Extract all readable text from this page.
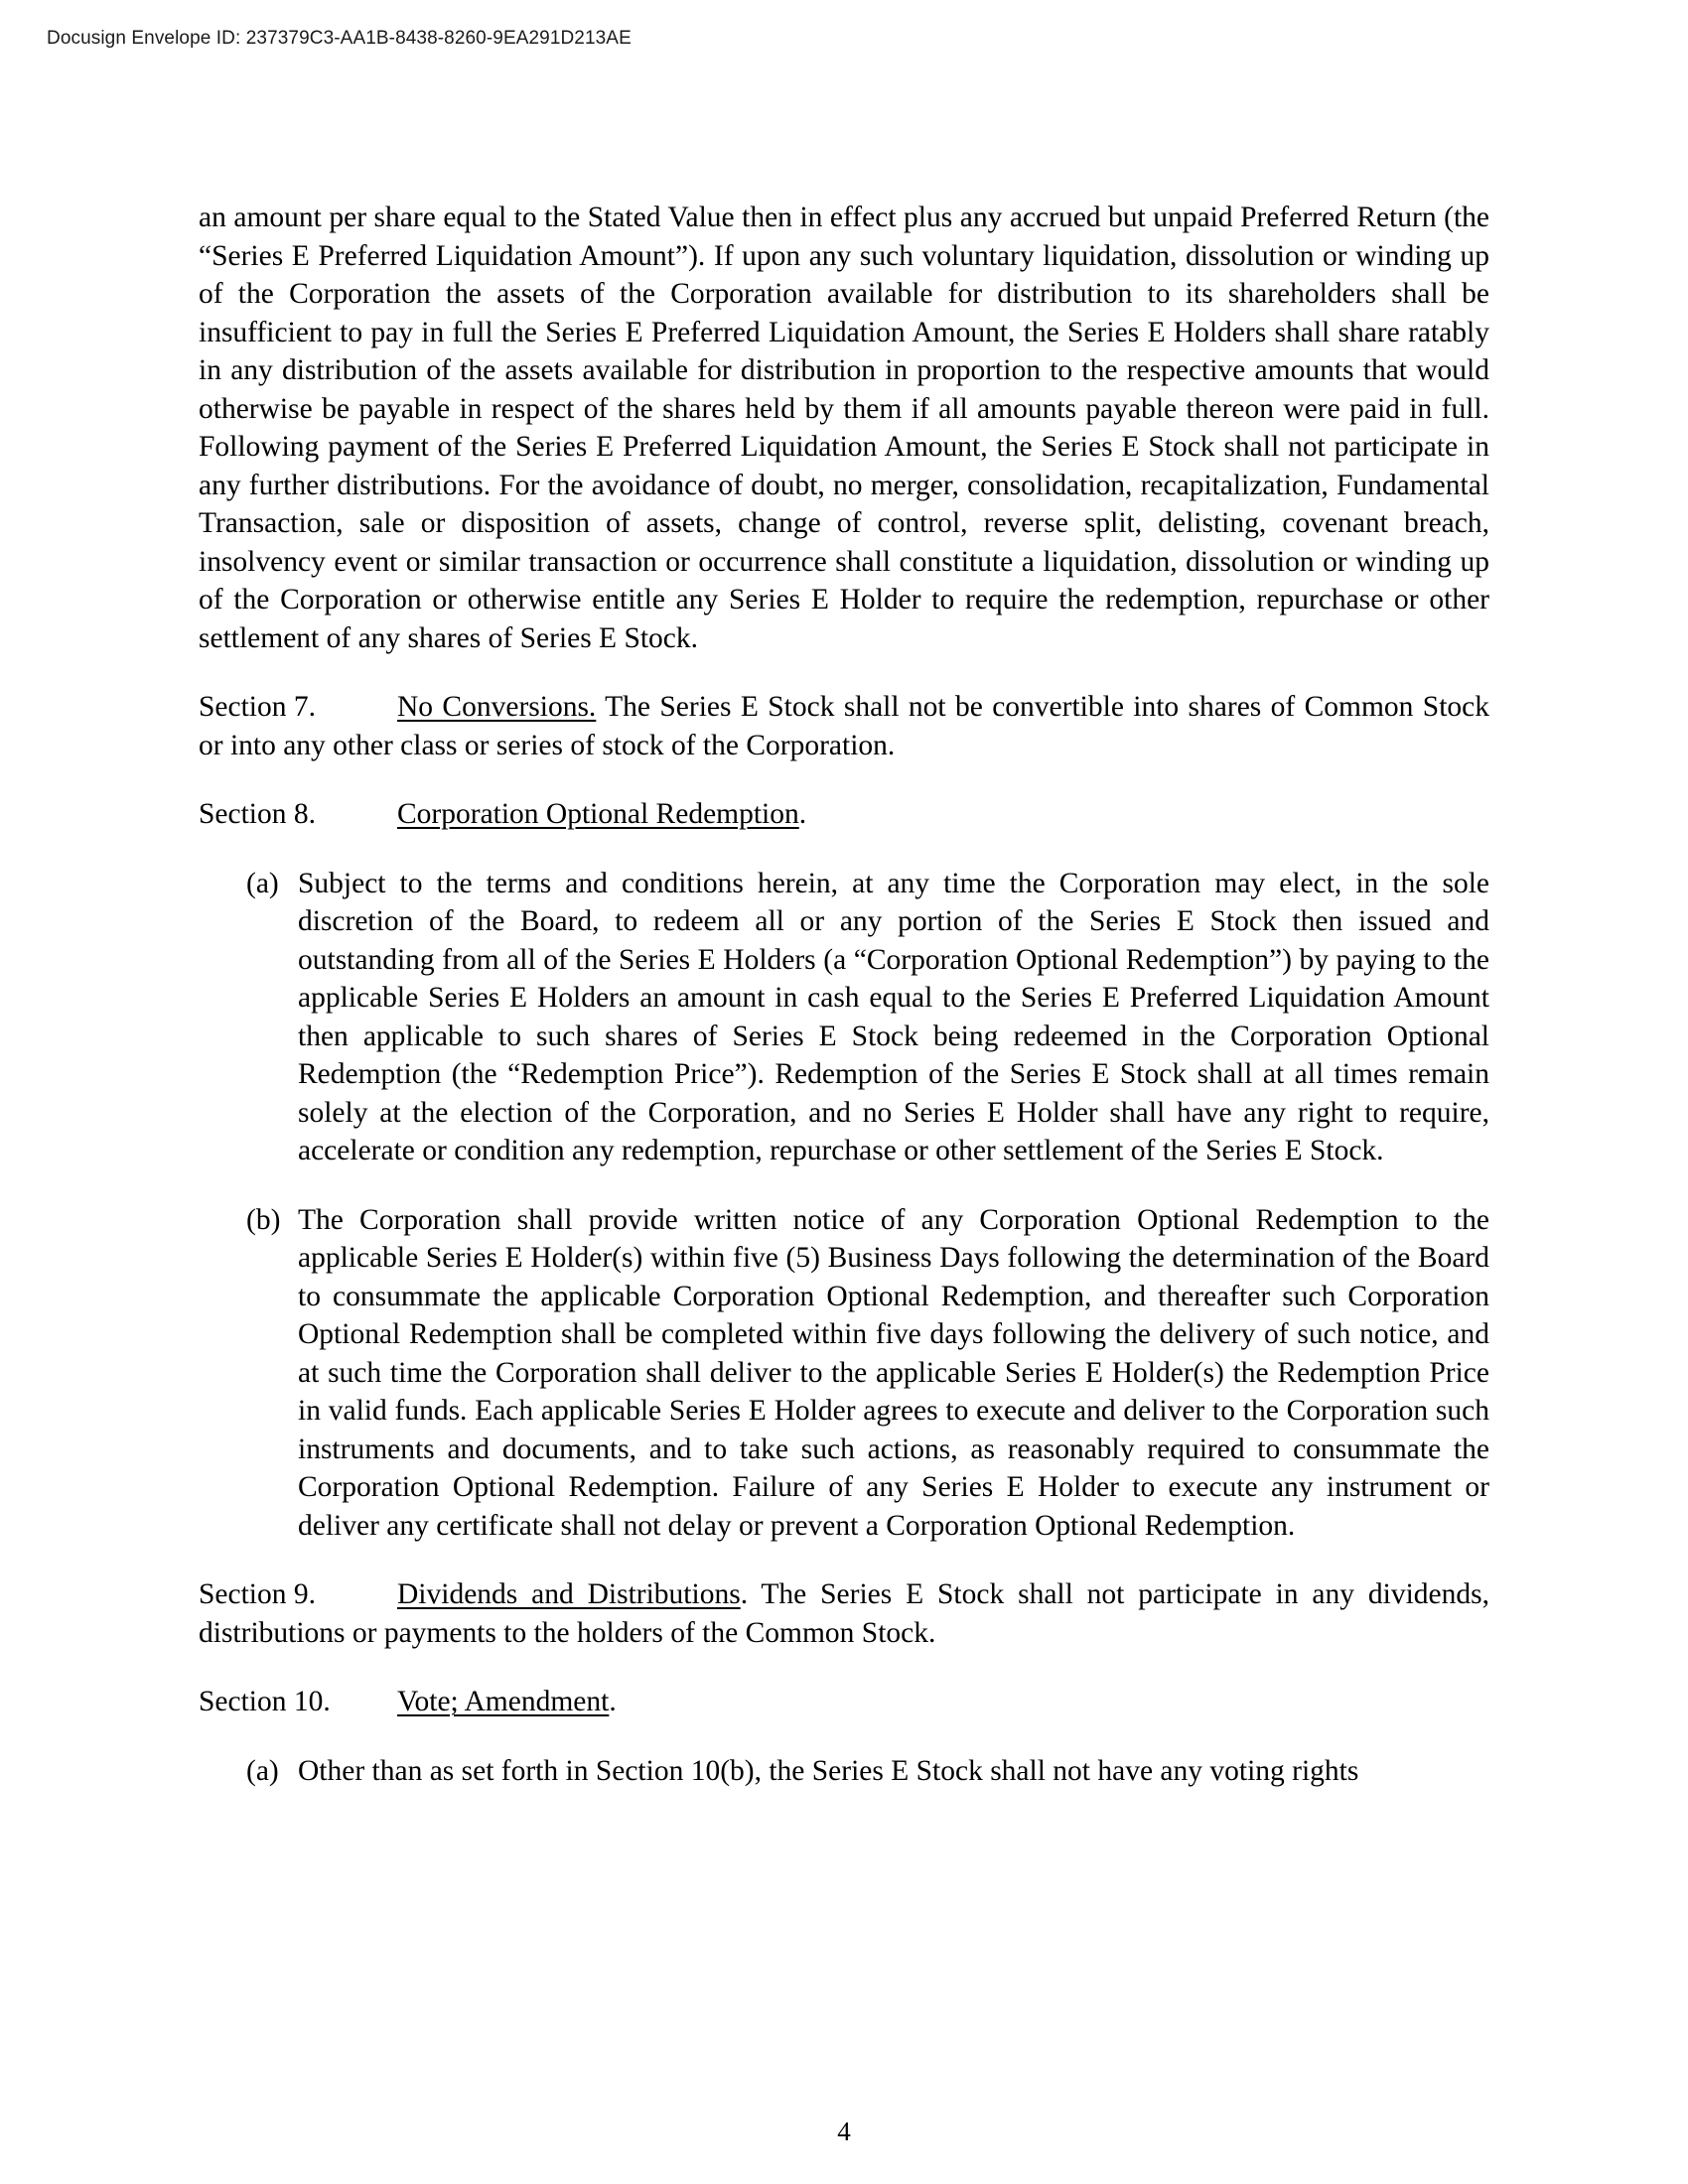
Docusign Envelope ID: 237379C3-AA1B-8438-8260-9EA291D213AE

an amount per share equal to the Stated Value then in effect plus any accrued but unpaid Preferred Return (the “Series E Preferred Liquidation Amount”). If upon any such voluntary liquidation, dissolution or winding up of the Corporation the assets of the Corporation available for distribution to its shareholders shall be insufficient to pay in full the Series E Preferred Liquidation Amount, the Series E Holders shall share ratably in any distribution of the assets available for distribution in proportion to the respective amounts that would otherwise be payable in respect of the shares held by them if all amounts payable thereon were paid in full. Following payment of the Series E Preferred Liquidation Amount, the Series E Stock shall not participate in any further distributions. For the avoidance of doubt, no merger, consolidation, recapitalization, Fundamental Transaction, sale or disposition of assets, change of control, reverse split, delisting, covenant breach, insolvency event or similar transaction or occurrence shall constitute a liquidation, dissolution or winding up of the Corporation or otherwise entitle any Series E Holder to require the redemption, repurchase or other settlement of any shares of Series E Stock.

Section 7.	No Conversions. The Series E Stock shall not be convertible into shares of Common Stock or into any other class or series of stock of the Corporation.

Section 8.	Corporation Optional Redemption.

(a) Subject to the terms and conditions herein, at any time the Corporation may elect, in the sole discretion of the Board, to redeem all or any portion of the Series E Stock then issued and outstanding from all of the Series E Holders (a “Corporation Optional Redemption”) by paying to the applicable Series E Holders an amount in cash equal to the Series E Preferred Liquidation Amount then applicable to such shares of Series E Stock being redeemed in the Corporation Optional Redemption (the “Redemption Price”). Redemption of the Series E Stock shall at all times remain solely at the election of the Corporation, and no Series E Holder shall have any right to require, accelerate or condition any redemption, repurchase or other settlement of the Series E Stock.
(b) The Corporation shall provide written notice of any Corporation Optional Redemption to the applicable Series E Holder(s) within five (5) Business Days following the determination of the Board to consummate the applicable Corporation Optional Redemption, and thereafter such Corporation Optional Redemption shall be completed within five days following the delivery of such notice, and at such time the Corporation shall deliver to the applicable Series E Holder(s) the Redemption Price in valid funds. Each applicable Series E Holder agrees to execute and deliver to the Corporation such instruments and documents, and to take such actions, as reasonably required to consummate the Corporation Optional Redemption. Failure of any Series E Holder to execute any instrument or deliver any certificate shall not delay or prevent a Corporation Optional Redemption.

Section 9.	Dividends and Distributions. The Series E Stock shall not participate in any dividends, distributions or payments to the holders of the Common Stock.

Section 10. Vote; Amendment.

(a) Other than as set forth in Section 10(b), the Series E Stock shall not have any voting rights
4
